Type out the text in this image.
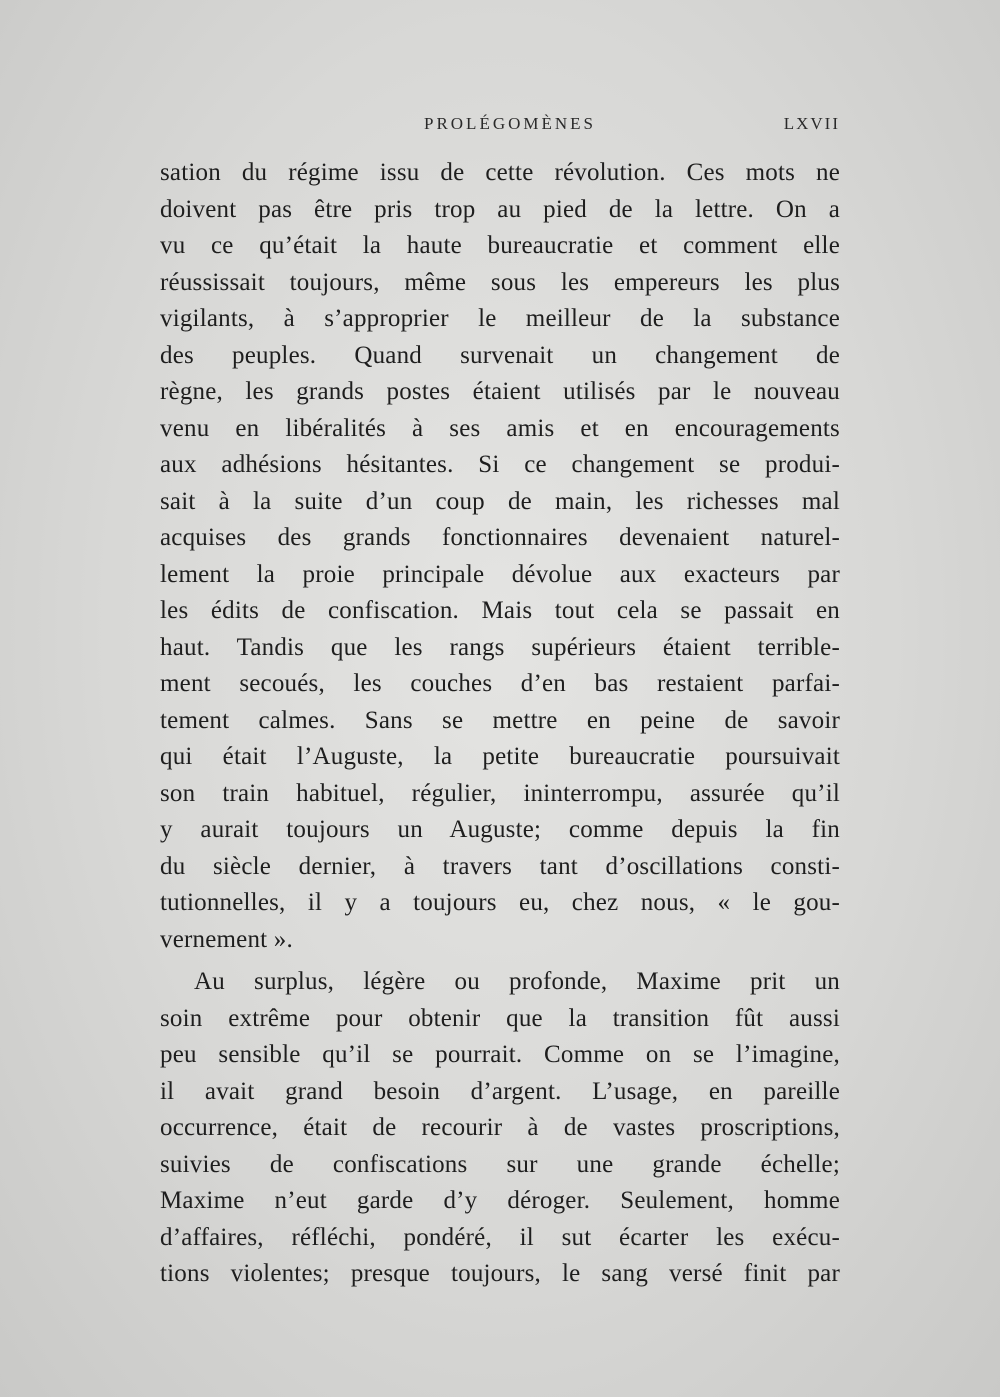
PROLÉGOMÈNES	LXVII
sation du régime issu de cette révolution. Ces mots ne
doivent pas être pris trop au pied de la lettre. On a
vu ce qu’était la haute bureaucratie et comment elle
réussissait toujours, même sous les empereurs les plus
vigilants, à s’approprier le meilleur de la substance
des peuples. Quand survenait un changement de
règne, les grands postes étaient utilisés par le nouveau
venu en libéralités à ses amis et en encouragements
aux adhésions hésitantes. Si ce changement se produi-
sait à la suite d’un coup de main, les richesses mal
acquises des grands fonctionnaires devenaient naturel-
lement la proie principale dévolue aux exacteurs par
les édits de confiscation. Mais tout cela se passait en
haut. Tandis que les rangs supérieurs étaient terrible-
ment secoués, les couches d’en bas restaient parfai-
tement calmes. Sans se mettre en peine de savoir
qui était l’Auguste, la petite bureaucratie poursuivait
son train habituel, régulier, ininterrompu, assurée qu’il
y aurait toujours un Auguste; comme depuis la fin
du siècle dernier, à travers tant d’oscillations consti-
tutionnelles, il y a toujours eu, chez nous, « le gou-
vernement ».
Au surplus, légère ou profonde, Maxime prit un
soin extrême pour obtenir que la transition fût aussi
peu sensible qu’il se pourrait. Comme on se l’imagine,
il avait grand besoin d’argent. L’usage, en pareille
occurrence, était de recourir à de vastes proscriptions,
suivies de confiscations sur une grande échelle;
Maxime n’eut garde d’y déroger. Seulement, homme
d’affaires, réfléchi, pondéré, il sut écarter les exécu-
tions violentes; presque toujours, le sang versé finit par
